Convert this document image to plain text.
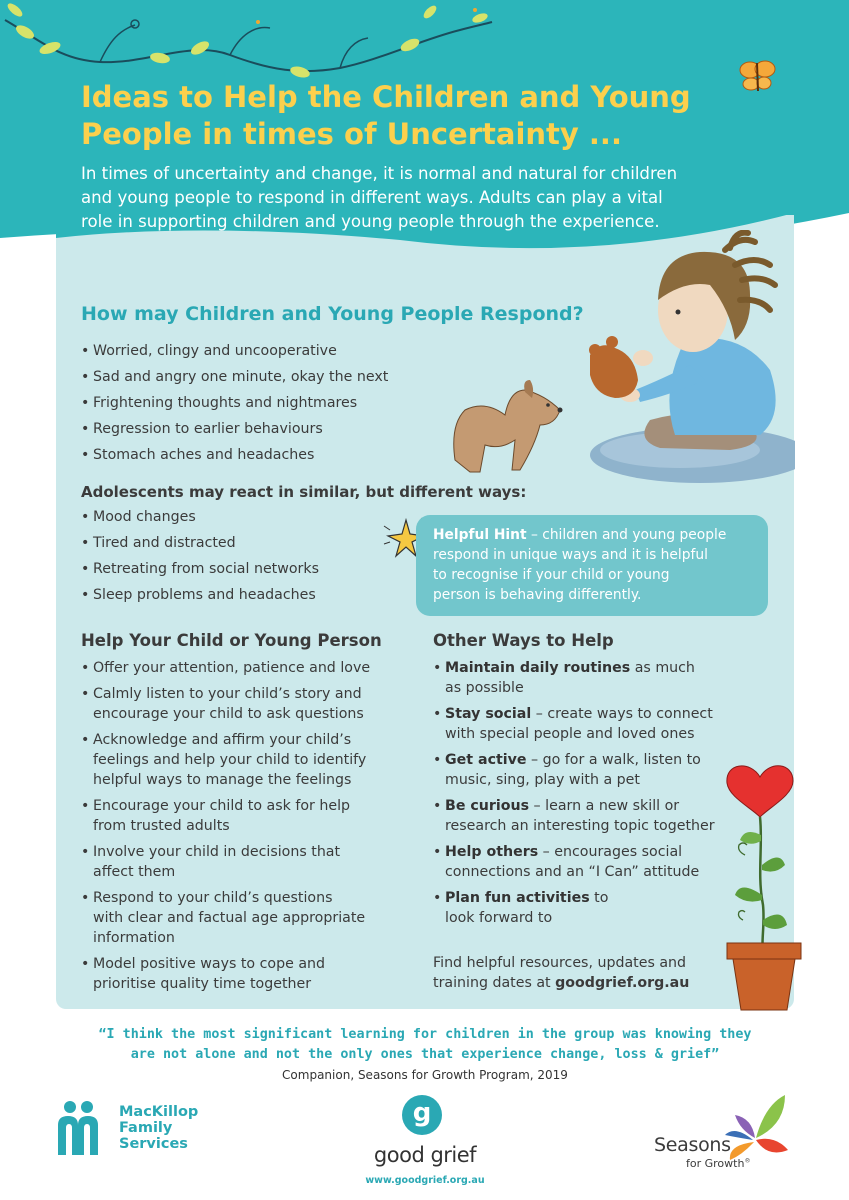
Ideas to Help the Children and Young
People in times of Uncertainty ...
In times of uncertainty and change, it is normal and natural for children
and young people to respond in different ways. Adults can play a vital
role in supporting children and young people through the experience.
How may Children and Young People Respond?
• Worried, clingy and uncooperative
• Sad and angry one minute, okay the next
• Frightening thoughts and nightmares
• Regression to earlier behaviours
• Stomach aches and headaches
Adolescents may react in similar, but different ways:
• Mood changes
• Tired and distracted
• Retreating from social networks
• Sleep problems and headaches
Helpful Hint – children and young people
respond in unique ways and it is helpful
to recognise if your child or young
person is behaving differently.
Help Your Child or Young Person
• Offer your attention, patience and love
• Calmly listen to your child’s story and
encourage your child to ask questions
• Acknowledge and affirm your child’s
feelings and help your child to identify
helpful ways to manage the feelings
• Encourage your child to ask for help
from trusted adults
• Involve your child in decisions that
affect them
• Respond to your child’s questions
with clear and factual age appropriate
information
• Model positive ways to cope and
prioritise quality time together
Other Ways to Help
• Maintain daily routines as much
as possible
• Stay social – create ways to connect
with special people and loved ones
• Get active – go for a walk, listen to
music, sing, play with a pet
• Be curious – learn a new skill or
research an interesting topic together
• Help others – encourages social
connections and an “I Can” attitude
• Plan fun activities to
look forward to
Find helpful resources, updates and
training dates at goodgrief.org.au
“I think the most significant learning for children in the group was knowing they
are not alone and not the only ones that experience change, loss & grief”
Companion, Seasons for Growth Program, 2019
MacKillop
Family
Services
g
good grief
www.goodgrief.org.au
Seasons
for Growth®
